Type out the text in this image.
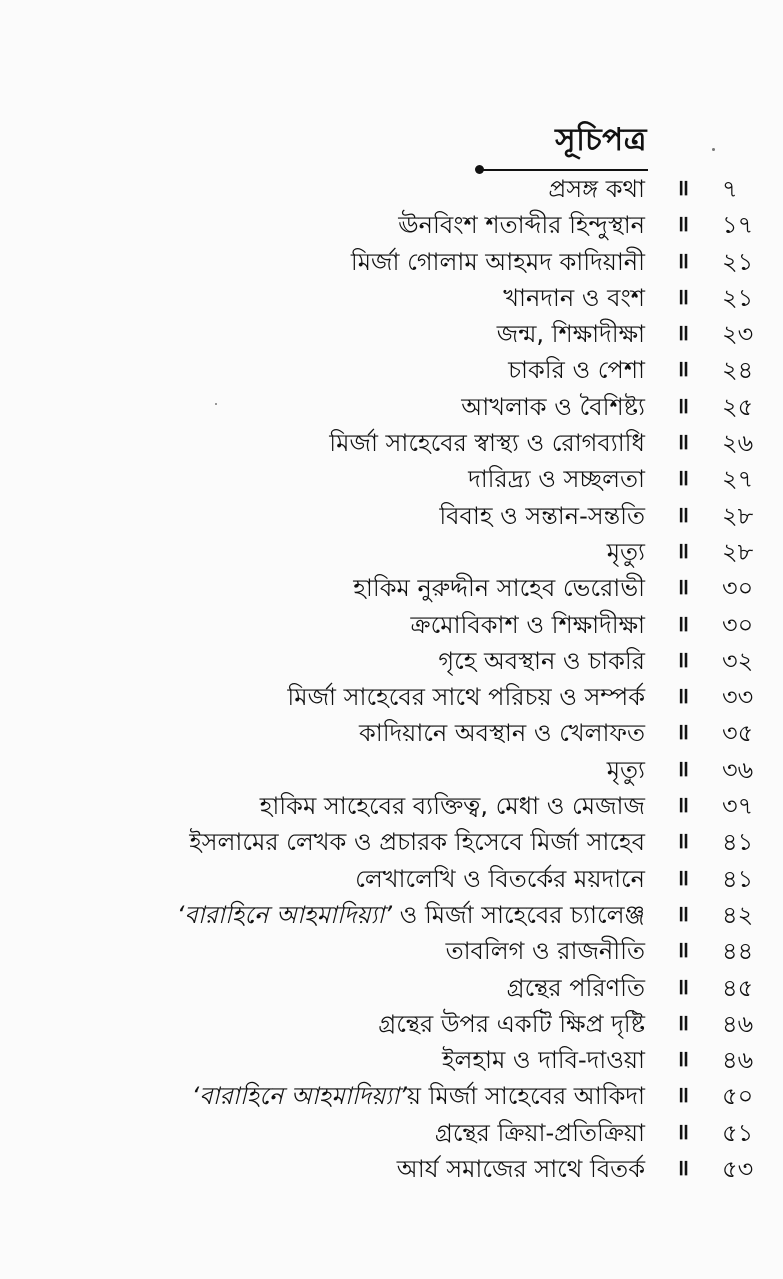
সূচিপত্র
প্রসঙ্গ কথা ॥ ৭
ঊনবিংশ শতাব্দীর হিন্দুস্থান ॥ ১৭
মির্জা গোলাম আহমদ কাদিয়ানী ॥ ২১
খানদান ও বংশ ॥ ২১
জন্ম, শিক্ষাদীক্ষা ॥ ২৩
চাকরি ও পেশা ॥ ২৪
আখলাক ও বৈশিষ্ট্য ॥ ২৫
মির্জা সাহেবের স্বাস্থ্য ও রোগব্যাধি ॥ ২৬
দারিদ্র্য ও সচ্ছলতা ॥ ২৭
বিবাহ ও সন্তান-সন্ততি ॥ ২৮
মৃত্যু ॥ ২৮
হাকিম নুরুদ্দীন সাহেব ভেরোভী ॥ ৩০
ক্রমোবিকাশ ও শিক্ষাদীক্ষা ॥ ৩০
গৃহে অবস্থান ও চাকরি ॥ ৩২
মির্জা সাহেবের সাথে পরিচয় ও সম্পর্ক ॥ ৩৩
কাদিয়ানে অবস্থান ও খেলাফত ॥ ৩৫
মৃত্যু ॥ ৩৬
হাকিম সাহেবের ব্যক্তিত্ব, মেধা ও মেজাজ ॥ ৩৭
ইসলামের লেখক ও প্রচারক হিসেবে মির্জা সাহেব ॥ ৪১
লেখালেখি ও বিতর্কের ময়দানে ॥ ৪১
‘বারাহিনে আহমাদিয়্যা’ ও মির্জা সাহেবের চ্যালেঞ্জ ॥ ৪২
তাবলিগ ও রাজনীতি ॥ ৪৪
গ্রন্থের পরিণতি ॥ ৪৫
গ্রন্থের উপর একটি ক্ষিপ্র দৃষ্টি ॥ ৪৬
ইলহাম ও দাবি-দাওয়া ॥ ৪৬
‘বারাহিনে আহমাদিয়্যা’য় মির্জা সাহেবের আকিদা ॥ ৫০
গ্রন্থের ক্রিয়া-প্রতিক্রিয়া ॥ ৫১
আর্য সমাজের সাথে বিতর্ক ॥ ৫৩
